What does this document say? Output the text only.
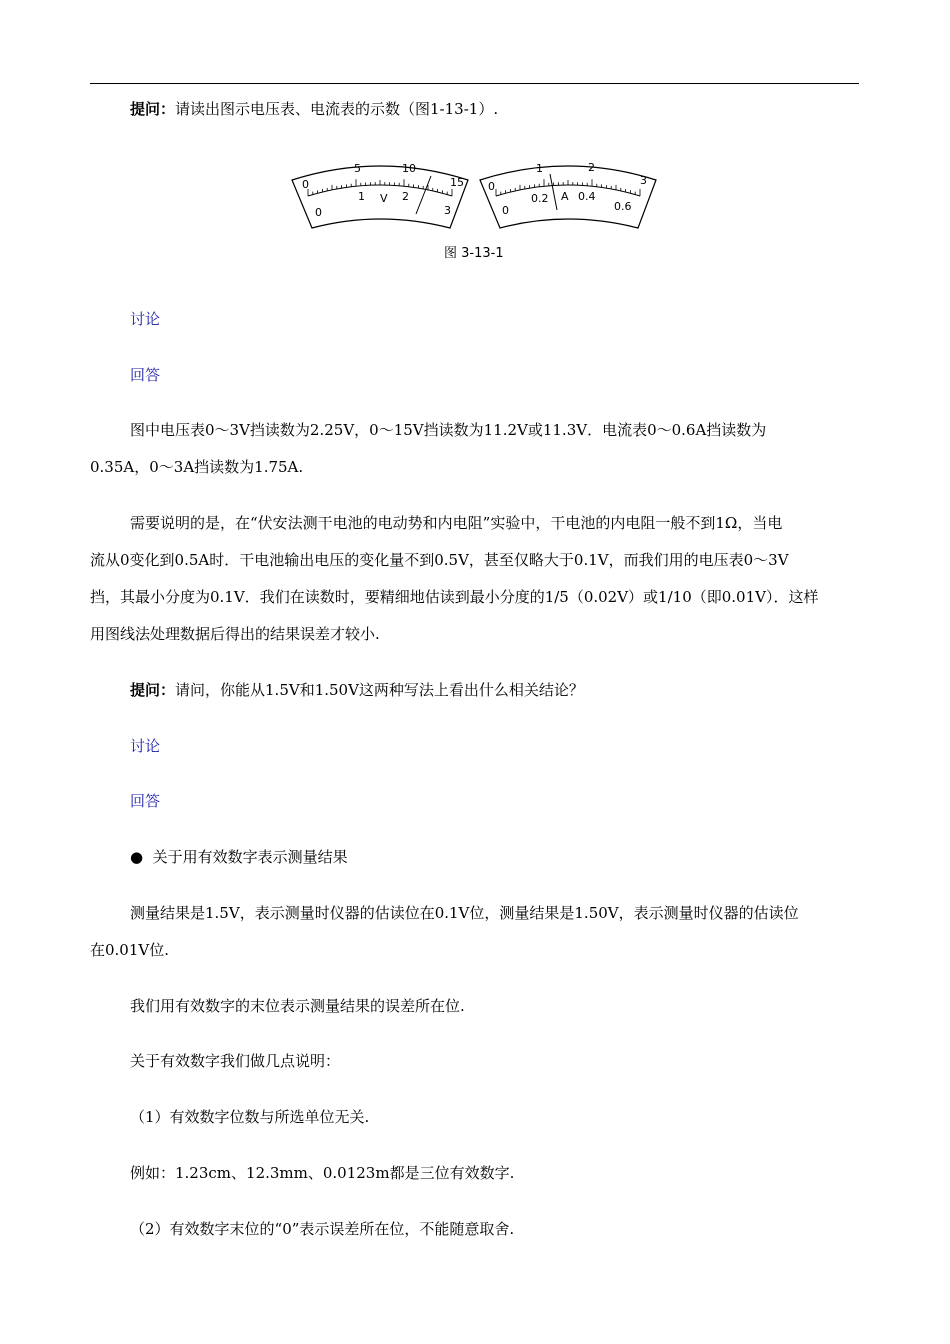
提问：请读出图示电压表、电流表的示数（图1-13-1）.
0
5	10
15
0
1 V 2
3
0
1	2
3
0
0.2 A 0.4
0.6
图 3-13-1
讨论
回答
图中电压表0～3V挡读数为2.25V，0～15V挡读数为11.2V或11.3V．电流表0～0.6A挡读数为
0.35A，0～3A挡读数为1.75A.
需要说明的是，在“伏安法测干电池的电动势和内电阻”实验中，干电池的内电阻一般不到1Ω，当电
流从0变化到0.5A时．干电池输出电压的变化量不到0.5V，甚至仅略大于0.1V，而我们用的电压表0～3V
挡，其最小分度为0.1V．我们在读数时，要精细地估读到最小分度的1/5（0.02V）或1/10（即0.01V）．这样
用图线法处理数据后得出的结果误差才较小.
提问：请问，你能从1.5V和1.50V这两种写法上看出什么相关结论？
讨论
回答
● 关于用有效数字表示测量结果
测量结果是1.5V，表示测量时仪器的估读位在0.1V位，测量结果是1.50V，表示测量时仪器的估读位
在0.01V位.
我们用有效数字的末位表示测量结果的误差所在位.
关于有效数字我们做几点说明：
（1）有效数字位数与所选单位无关.
例如：1.23cm、12.3mm、0.0123m都是三位有效数字.
（2）有效数字末位的“0”表示误差所在位，不能随意取舍.
